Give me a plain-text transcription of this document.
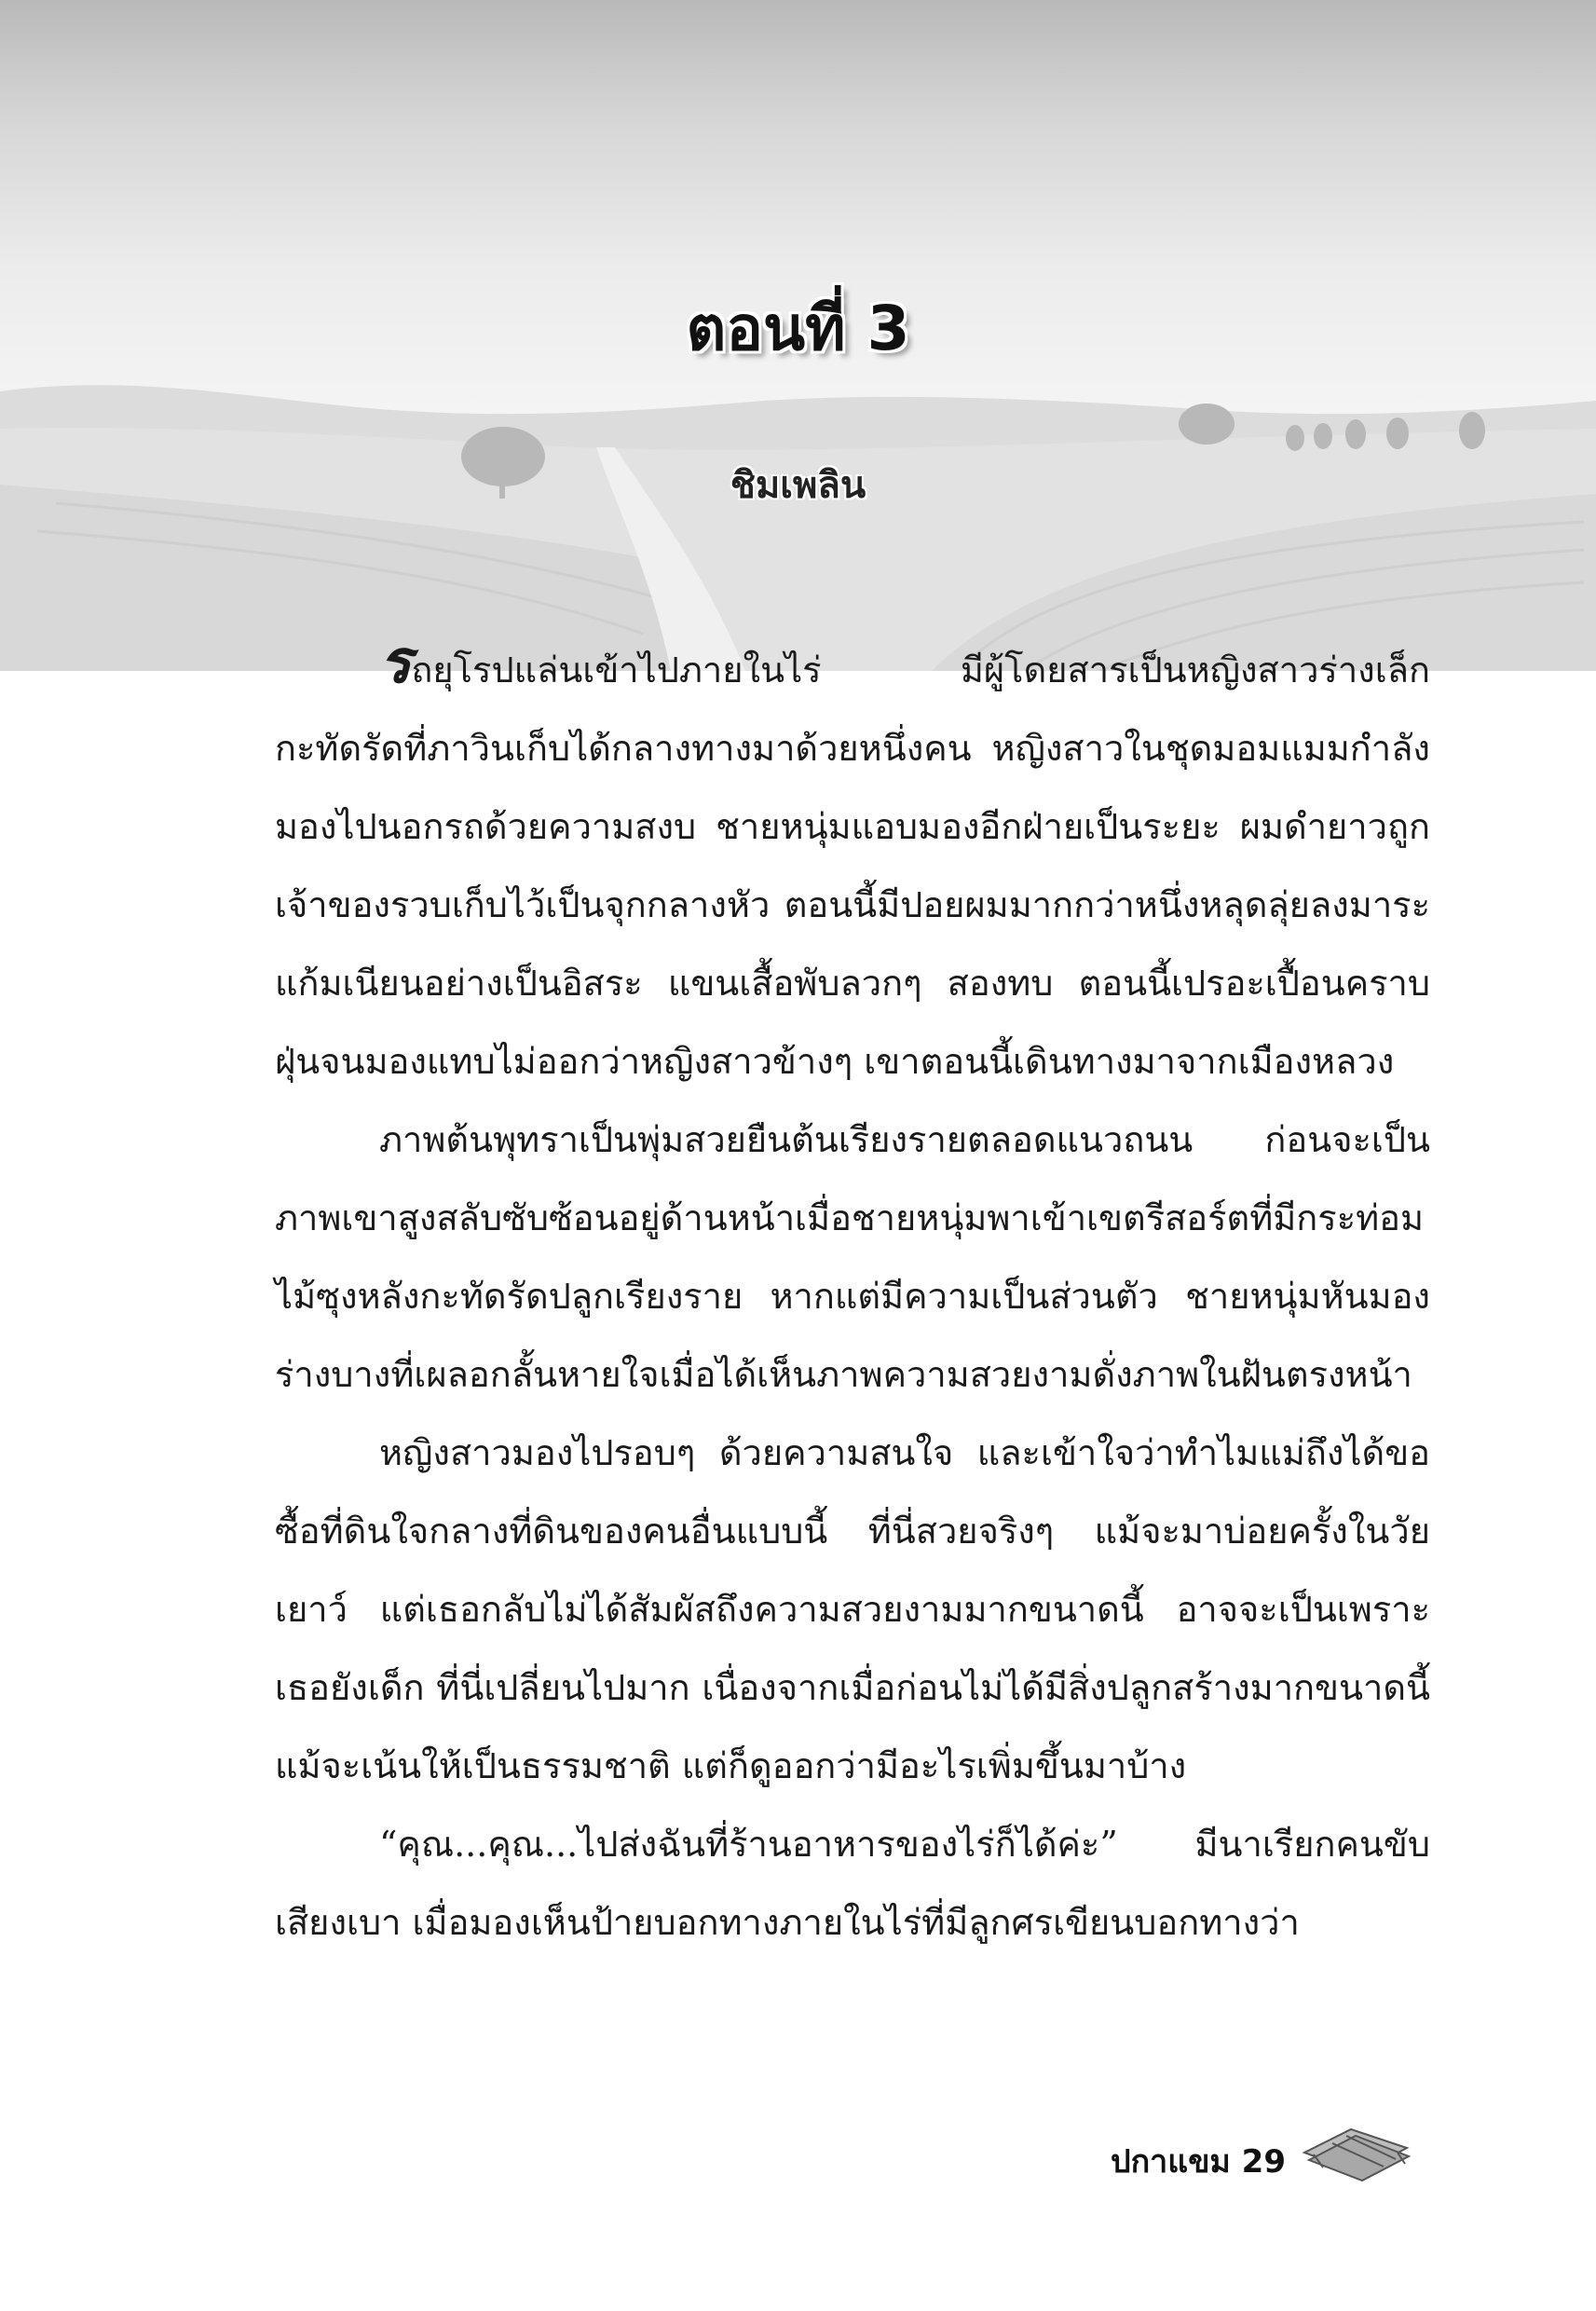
ตอนที่ 3
ชิมเพลิน

รถยุโรปแล่นเข้าไปภายในไร่ มีผู้โดยสารเป็นหญิงสาวร่างเล็กกะทัดรัดที่ภาวินเก็บได้กลางทางมาด้วยหนึ่งคน หญิงสาวในชุดมอมแมมกำลังมองไปนอกรถด้วยความสงบ ชายหนุ่มแอบมองอีกฝ่ายเป็นระยะ ผมดำยาวถูกเจ้าของรวบเก็บไว้เป็นจุกกลางหัว ตอนนี้มีปอยผมมากกว่าหนึ่งหลุดลุ่ยลงมาระแก้มเนียนอย่างเป็นอิสระ แขนเสื้อพับลวกๆ สองทบ ตอนนี้เปรอะเปื้อนคราบฝุ่นจนมองแทบไม่ออกว่าหญิงสาวข้างๆ เขาตอนนี้เดินทางมาจากเมืองหลวง

ภาพต้นพุทราเป็นพุ่มสวยยืนต้นเรียงรายตลอดแนวถนน ก่อนจะเป็นภาพเขาสูงสลับซับซ้อนอยู่ด้านหน้าเมื่อชายหนุ่มพาเข้าเขตรีสอร์ตที่มีกระท่อมไม้ซุงหลังกะทัดรัดปลูกเรียงราย หากแต่มีความเป็นส่วนตัว ชายหนุ่มหันมองร่างบางที่เผลอกลั้นหายใจเมื่อได้เห็นภาพความสวยงามดั่งภาพในฝันตรงหน้า

หญิงสาวมองไปรอบๆ ด้วยความสนใจ และเข้าใจว่าทำไมแม่ถึงได้ขอซื้อที่ดินใจกลางที่ดินของคนอื่นแบบนี้ ที่นี่สวยจริงๆ แม้จะมาบ่อยครั้งในวัยเยาว์ แต่เธอกลับไม่ได้สัมผัสถึงความสวยงามมากขนาดนี้ อาจจะเป็นเพราะเธอยังเด็ก ที่นี่เปลี่ยนไปมาก เนื่องจากเมื่อก่อนไม่ได้มีสิ่งปลูกสร้างมากขนาดนี้ แม้จะเน้นให้เป็นธรรมชาติ แต่ก็ดูออกว่ามีอะไรเพิ่มขึ้นมาบ้าง

“คุณ...คุณ...ไปส่งฉันที่ร้านอาหารของไร่ก็ได้ค่ะ” มีนาเรียกคนขับเสียงเบา เมื่อมองเห็นป้ายบอกทางภายในไร่ที่มีลูกศรเขียนบอกทางว่า

ปกาแขม 29
